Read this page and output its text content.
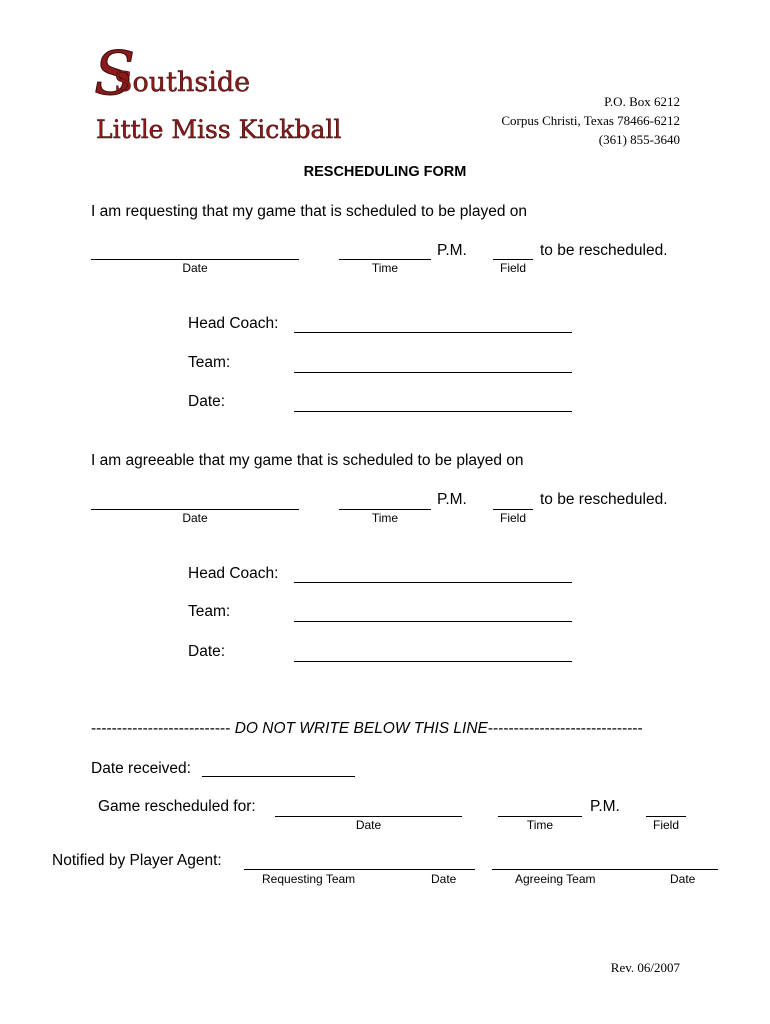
S
Southside
Little Miss Kickball
P.O. Box 6212
Corpus Christi, Texas 78466-6212
(361) 855-3640
RESCHEDULING FORM
I am requesting that my game that is scheduled to be played on
P.M.	to be rescheduled.
Date	Time	Field
Head Coach:
Team:
Date:
I am agreeable that my game that is scheduled to be played on
P.M.	to be rescheduled.
Date	Time	Field
Head Coach:
Team:
Date:
--------------------------- DO NOT WRITE BELOW THIS LINE------------------------------
Date received:
Game rescheduled for:	P.M.
Date	Time	Field
Notified by Player Agent:
Requesting Team	Date	Agreeing Team	Date
Rev. 06/2007
